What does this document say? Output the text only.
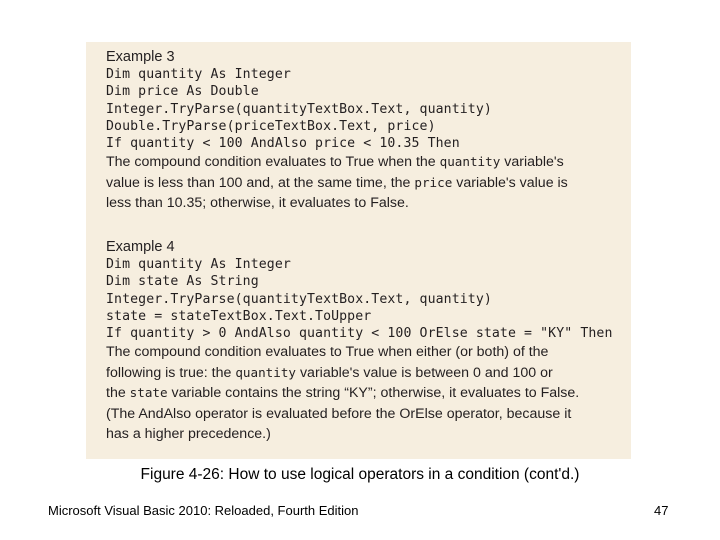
Example 3
Dim quantity As Integer
Dim price As Double
Integer.TryParse(quantityTextBox.Text, quantity)
Double.TryParse(priceTextBox.Text, price)
If quantity < 100 AndAlso price < 10.35 Then
The compound condition evaluates to True when the quantity variable's
value is less than 100 and, at the same time, the price variable's value is
less than 10.35; otherwise, it evaluates to False.
Example 4
Dim quantity As Integer
Dim state As String
Integer.TryParse(quantityTextBox.Text, quantity)
state = stateTextBox.Text.ToUpper
If quantity > 0 AndAlso quantity < 100 OrElse state = "KY" Then
The compound condition evaluates to True when either (or both) of the
following is true: the quantity variable's value is between 0 and 100 or
the state variable contains the string “KY”; otherwise, it evaluates to False.
(The AndAlso operator is evaluated before the OrElse operator, because it
has a higher precedence.)
Figure 4-26: How to use logical operators in a condition (cont'd.)
Microsoft Visual Basic 2010: Reloaded, Fourth Edition	47
